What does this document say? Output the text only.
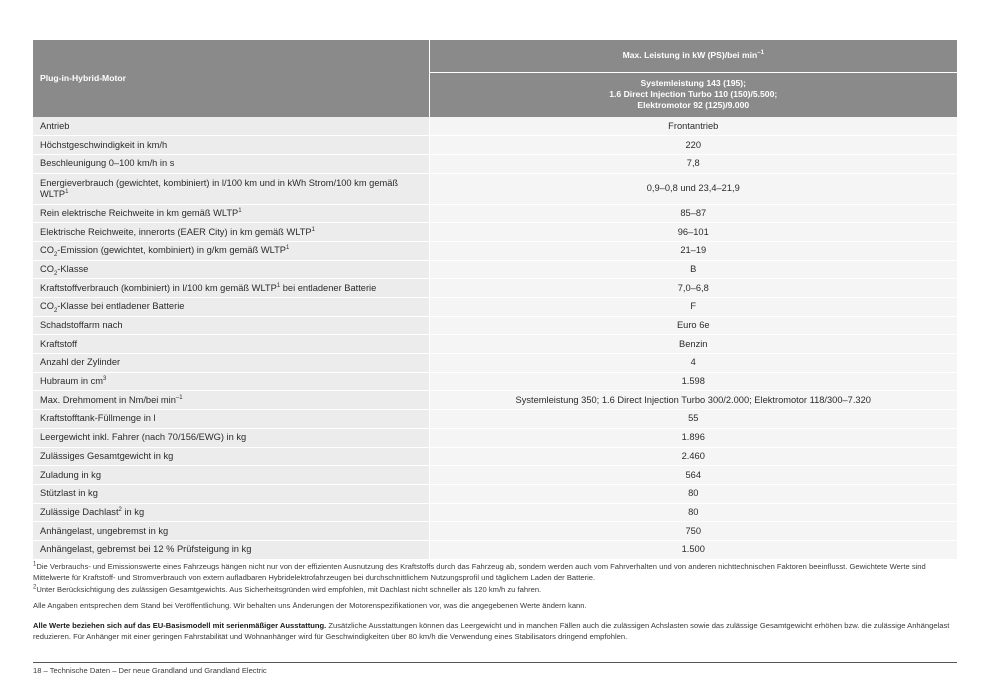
Plug-in-Hybrid-Motor	Max. Leistung in kW (PS)/bei $\min^{-1}$

	Systemleistung 143 (195);
1.6 Direct Injection Turbo 110 (150)/5.500;
Elektromotor 92 (125)/9.000

Antrieb	Frontantrieb
Höchstgeschwindigkeit in km/h	220
Beschleunigung 0–100 km/h in s	7,8
Energieverbrauch (gewichtet, kombiniert) in l/100 km und in kWh Strom/100 km gemäß WLTP$^1$	0,9–0,8 und 23,4–21,9
Rein elektrische Reichweite in km gemäß WLTP$^1$	85–87
Elektrische Reichweite, innerorts (EAER City) in km gemäß WLTP$^1$	96–101
$CO_2$-Emission (gewichtet, kombiniert) in g/km gemäß WLTP$^1$	21–19
$CO_2$-Klasse	B
Kraftstoffverbrauch (kombiniert) in l/100 km gemäß WLTP$^1$ bei entladener Batterie	7,0–6,8
$CO_2$-Klasse bei entladener Batterie	F
Schadstoffarm nach	Euro 6e
Kraftstoff	Benzin
Anzahl der Zylinder	4
Hubraum in $cm^3$	1.598
Max. Drehmoment in Nm/bei $\min^{-1}$	Systemleistung 350; 1.6 Direct Injection Turbo 300/2.000; Elektromotor 118/300–7.320
Kraftstofftank-Füllmenge in l	55
Leergewicht inkl. Fahrer (nach 70/156/EWG) in kg	1.896
Zulässiges Gesamtgewicht in kg	2.460
Zuladung in kg	564
Stützlast in kg	80
Zulässige Dachlast$^2$ in kg	80
Anhängelast, ungebremst in kg	750
Anhängelast, gebremst bei 12 % Prüfsteigung in kg	1.500

$^1$Die Verbrauchs- und Emissionswerte eines Fahrzeugs hängen nicht nur von der effizienten Ausnutzung des Kraftstoffs durch das Fahrzeug ab, sondern werden auch vom Fahrverhalten und von anderen nichttechnischen Faktoren beeinflusst. Gewichtete Werte sind Mittelwerte für Kraftstoff- und Stromverbrauch von extern aufladbaren Hybridelektrofahrzeugen bei durchschnittlichem Nutzungsprofil und täglichem Laden der Batterie.

$^2$Unter Berücksichtigung des zulässigen Gesamtgewichts. Aus Sicherheitsgründen wird empfohlen, mit Dachlast nicht schneller als 120 km/h zu fahren.

Alle Angaben entsprechen dem Stand bei Veröffentlichung. Wir behalten uns Änderungen der Motorenspezifikationen vor, was die angegebenen Werte ändern kann.

Alle Werte beziehen sich auf das EU-Basismodell mit serienmäßiger Ausstattung. Zusätzliche Ausstattungen können das Leergewicht und in manchen Fällen auch die zulässigen Achslasten sowie das zulässige Gesamtgewicht erhöhen bzw. die zulässige Anhängelast reduzieren. Für Anhänger mit einer geringen Fahrstabilität und Wohnanhänger wird für Geschwindigkeiten über 80 km/h die Verwendung eines Stabilisators dringend empfohlen.

18 – Technische Daten – Der neue Grandland und Grandland Electric
